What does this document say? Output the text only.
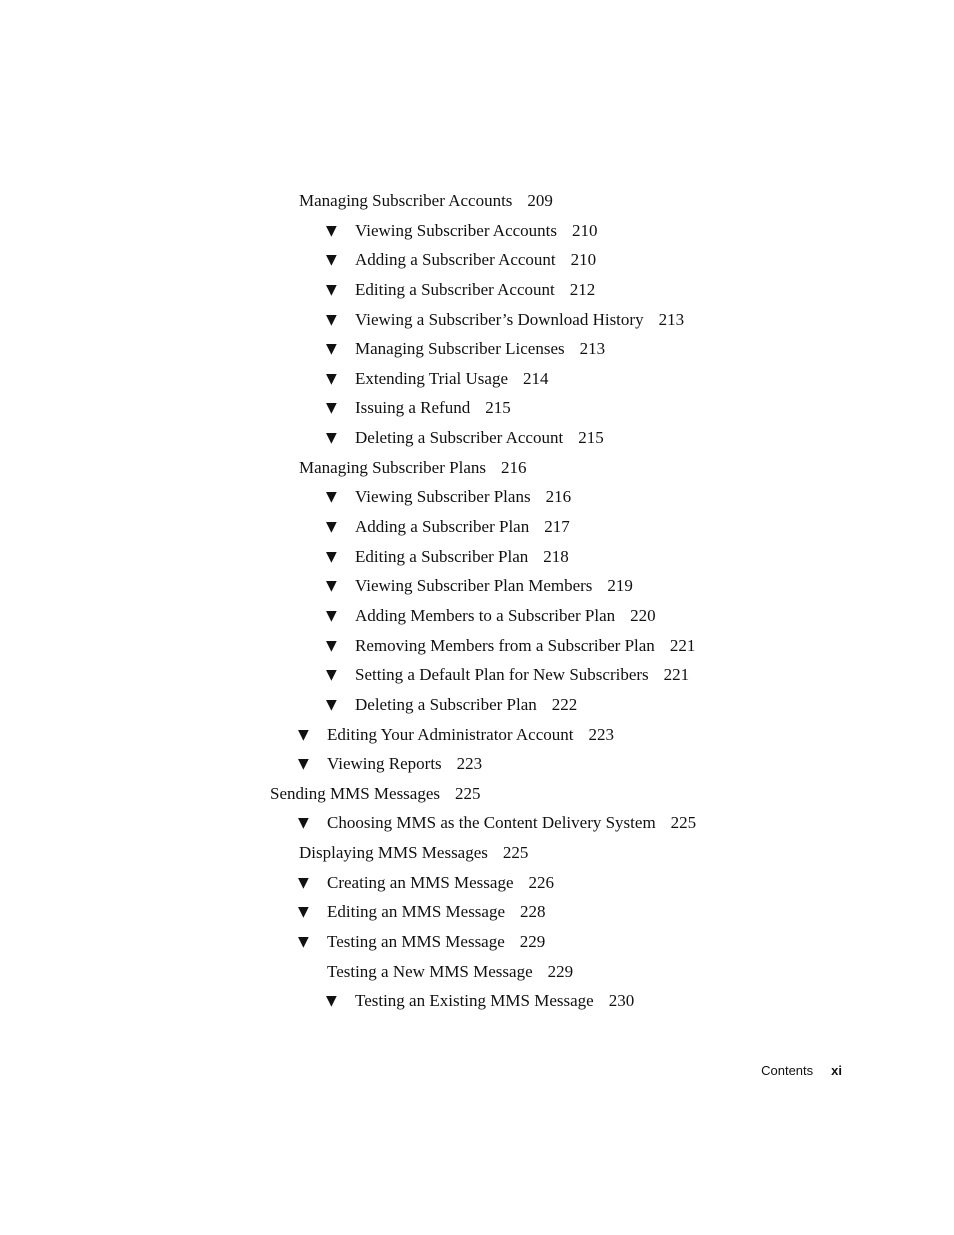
Managing Subscriber Accounts 209
▼ Viewing Subscriber Accounts 210
▼ Adding a Subscriber Account 210
▼ Editing a Subscriber Account 212
▼ Viewing a Subscriber’s Download History 213
▼ Managing Subscriber Licenses 213
▼ Extending Trial Usage 214
▼ Issuing a Refund 215
▼ Deleting a Subscriber Account 215
Managing Subscriber Plans 216
▼ Viewing Subscriber Plans 216
▼ Adding a Subscriber Plan 217
▼ Editing a Subscriber Plan 218
▼ Viewing Subscriber Plan Members 219
▼ Adding Members to a Subscriber Plan 220
▼ Removing Members from a Subscriber Plan 221
▼ Setting a Default Plan for New Subscribers 221
▼ Deleting a Subscriber Plan 222
▼ Editing Your Administrator Account 223
▼ Viewing Reports 223
Sending MMS Messages 225
▼ Choosing MMS as the Content Delivery System 225
Displaying MMS Messages 225
▼ Creating an MMS Message 226
▼ Editing an MMS Message 228
▼ Testing an MMS Message 229
Testing a New MMS Message 229
▼ Testing an Existing MMS Message 230
Contents xi
